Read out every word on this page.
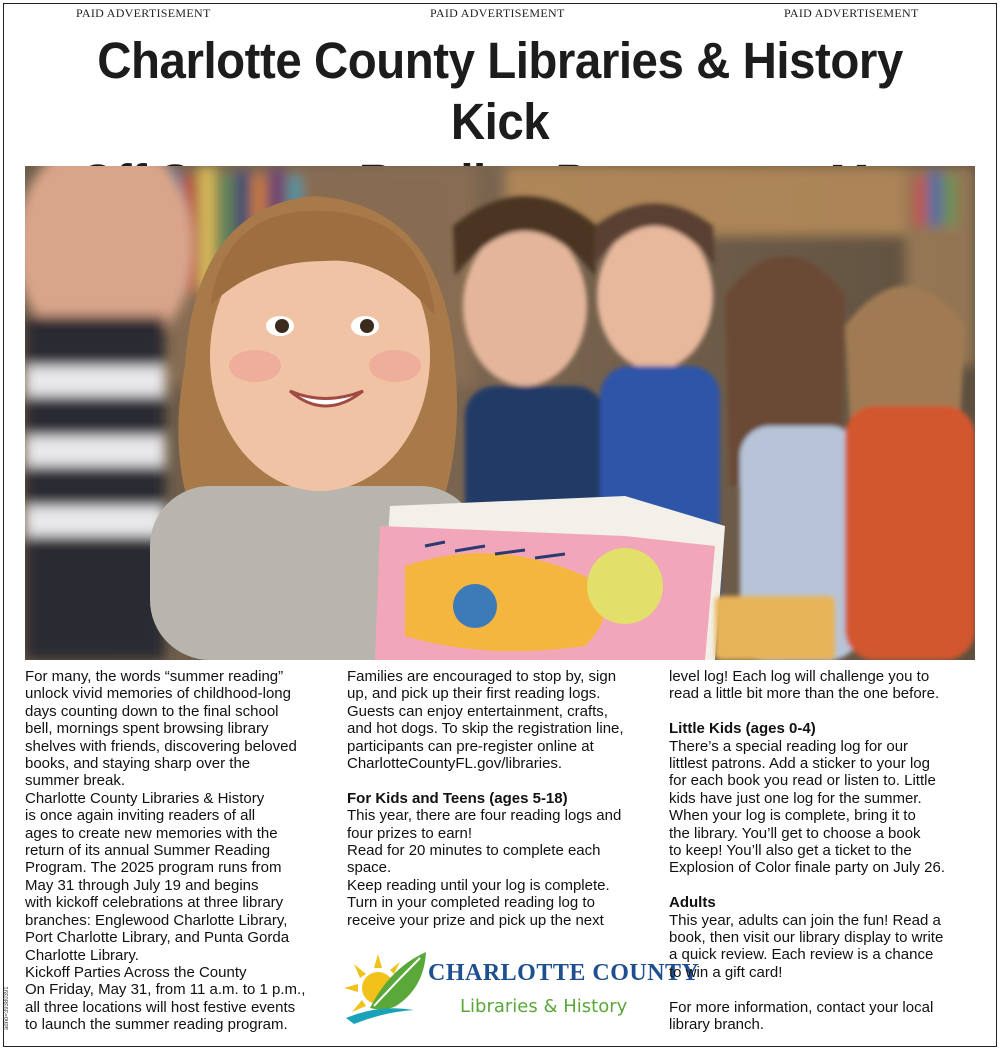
PAID ADVERTISEMENT	PAID ADVERTISEMENT	PAID ADVERTISEMENT
Charlotte County Libraries & History Kick

For many, the words “summer reading”

unlock vivid memories of childhood-long

days counting down to the final school

bell, mornings spent browsing library

shelves with friends, discovering beloved

books, and staying sharp over the

summer break.

Charlotte County Libraries & History

is once again inviting readers of all

ages to create new memories with the

return of its annual Summer Reading

Program. The 2025 program runs from

May 31 through July 19 and begins

with kickoff celebrations at three library

branches: Englewood Charlotte Library,

Port Charlotte Library, and Punta Gorda

Charlotte Library.

Kickoff Parties Across the County

On Friday, May 31, from 11 a.m. to 1 p.m.,

all three locations will host festive events

to launch the summer reading program.

Families are encouraged to stop by, sign

up, and pick up their first reading logs.

Guests can enjoy entertainment, crafts,

and hot dogs. To skip the registration line,

participants can pre-register online at

CharlotteCountyFL.gov/libraries.

For Kids and Teens (ages 5-18)

This year, there are four reading logs and

four prizes to earn!

Read for 20 minutes to complete each

space.

Keep reading until your log is complete.

Turn in your completed reading log to

receive your prize and pick up the next

CHARLOTTE COUNTY
Libraries & History

level log! Each log will challenge you to

read a little bit more than the one before.

Little Kids (ages 0-4)

There’s a special reading log for our

littlest patrons. Add a sticker to your log

for each book you read or listen to. Little

kids have just one log for the summer.

When your log is complete, bring it to

the library. You’ll get to choose a book

to keep! You’ll also get a ticket to the

Explosion of Color finale party on July 26.

Adults

This year, adults can join the fun! Read a

book, then visit our library display to write

a quick review. Each review is a chance

to win a gift card!

For more information, contact your local

library branch.

adno=39380391
